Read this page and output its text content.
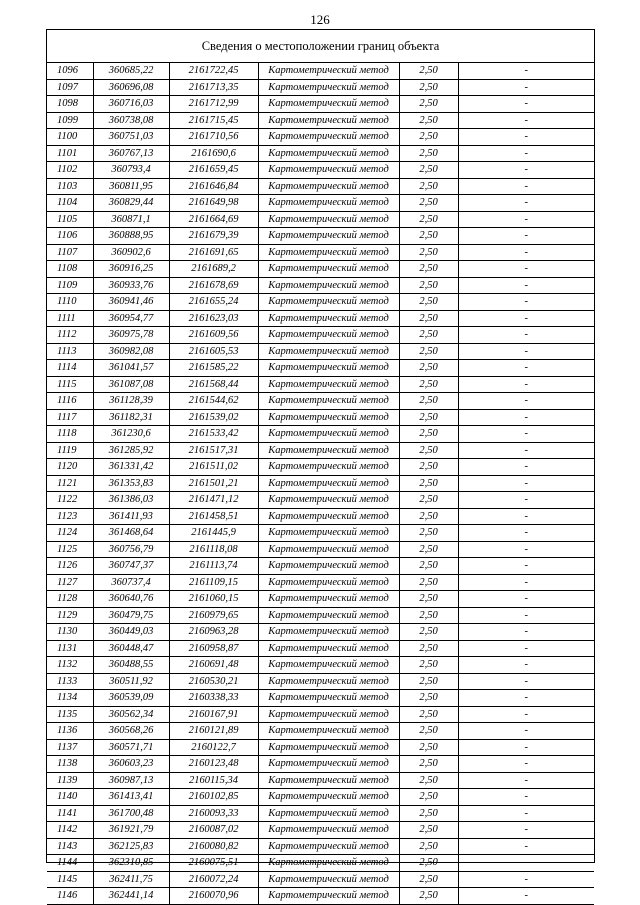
126
Сведения о местоположении границ объекта
1096	360685,22	2161722,45	Картометрический метод	2,50	-
1097	360696,08	2161713,35	Картометрический метод	2,50	-
1098	360716,03	2161712,99	Картометрический метод	2,50	-
1099	360738,08	2161715,45	Картометрический метод	2,50	-
1100	360751,03	2161710,56	Картометрический метод	2,50	-
1101	360767,13	2161690,6	Картометрический метод	2,50	-
1102	360793,4	2161659,45	Картометрический метод	2,50	-
1103	360811,95	2161646,84	Картометрический метод	2,50	-
1104	360829,44	2161649,98	Картометрический метод	2,50	-
1105	360871,1	2161664,69	Картометрический метод	2,50	-
1106	360888,95	2161679,39	Картометрический метод	2,50	-
1107	360902,6	2161691,65	Картометрический метод	2,50	-
1108	360916,25	2161689,2	Картометрический метод	2,50	-
1109	360933,76	2161678,69	Картометрический метод	2,50	-
1110	360941,46	2161655,24	Картометрический метод	2,50	-
1111	360954,77	2161623,03	Картометрический метод	2,50	-
1112	360975,78	2161609,56	Картометрический метод	2,50	-
1113	360982,08	2161605,53	Картометрический метод	2,50	-
1114	361041,57	2161585,22	Картометрический метод	2,50	-
1115	361087,08	2161568,44	Картометрический метод	2,50	-
1116	361128,39	2161544,62	Картометрический метод	2,50	-
1117	361182,31	2161539,02	Картометрический метод	2,50	-
1118	361230,6	2161533,42	Картометрический метод	2,50	-
1119	361285,92	2161517,31	Картометрический метод	2,50	-
1120	361331,42	2161511,02	Картометрический метод	2,50	-
1121	361353,83	2161501,21	Картометрический метод	2,50	-
1122	361386,03	2161471,12	Картометрический метод	2,50	-
1123	361411,93	2161458,51	Картометрический метод	2,50	-
1124	361468,64	2161445,9	Картометрический метод	2,50	-
1125	360756,79	2161118,08	Картометрический метод	2,50	-
1126	360747,37	2161113,74	Картометрический метод	2,50	-
1127	360737,4	2161109,15	Картометрический метод	2,50	-
1128	360640,76	2161060,15	Картометрический метод	2,50	-
1129	360479,75	2160979,65	Картометрический метод	2,50	-
1130	360449,03	2160963,28	Картометрический метод	2,50	-
1131	360448,47	2160958,87	Картометрический метод	2,50	-
1132	360488,55	2160691,48	Картометрический метод	2,50	-
1133	360511,92	2160530,21	Картометрический метод	2,50	-
1134	360539,09	2160338,33	Картометрический метод	2,50	-
1135	360562,34	2160167,91	Картометрический метод	2,50	-
1136	360568,26	2160121,89	Картометрический метод	2,50	-
1137	360571,71	2160122,7	Картометрический метод	2,50	-
1138	360603,23	2160123,48	Картометрический метод	2,50	-
1139	360987,13	2160115,34	Картометрический метод	2,50	-
1140	361413,41	2160102,85	Картометрический метод	2,50	-
1141	361700,48	2160093,33	Картометрический метод	2,50	-
1142	361921,79	2160087,02	Картометрический метод	2,50	-
1143	362125,83	2160080,82	Картометрический метод	2,50	-
1144	362310,85	2160075,51	Картометрический метод	2,50	-
1145	362411,75	2160072,24	Картометрический метод	2,50	-
1146	362441,14	2160070,96	Картометрический метод	2,50	-
